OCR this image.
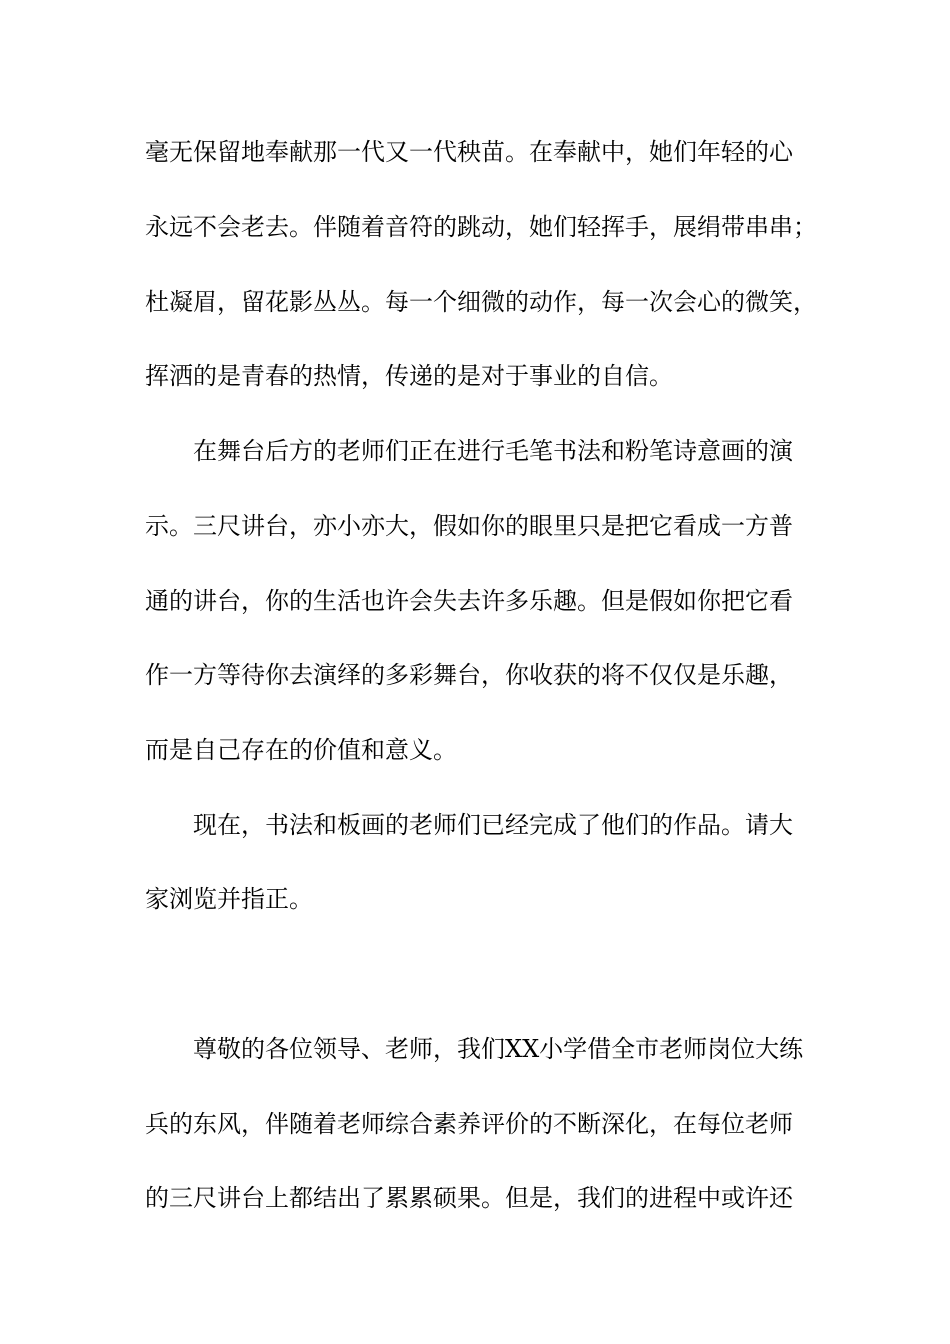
毫无保留地奉献那一代又一代秧苗。在奉献中，她们年轻的心
永远不会老去。伴随着音符的跳动，她们轻挥手，展绢带串串；
杜凝眉，留花影丛丛。每一个细微的动作，每一次会心的微笑，
挥洒的是青春的热情，传递的是对于事业的自信。
在舞台后方的老师们正在进行毛笔书法和粉笔诗意画的演
示。三尺讲台，亦小亦大，假如你的眼里只是把它看成一方普
通的讲台，你的生活也许会失去许多乐趣。但是假如你把它看
作一方等待你去演绎的多彩舞台，你收获的将不仅仅是乐趣，
而是自己存在的价值和意义。
现在，书法和板画的老师们已经完成了他们的作品。请大
家浏览并指正。
尊敬的各位领导、老师，我们XX小学借全市老师岗位大练
兵的东风，伴随着老师综合素养评价的不断深化，在每位老师
的三尺讲台上都结出了累累硕果。但是，我们的进程中或许还
